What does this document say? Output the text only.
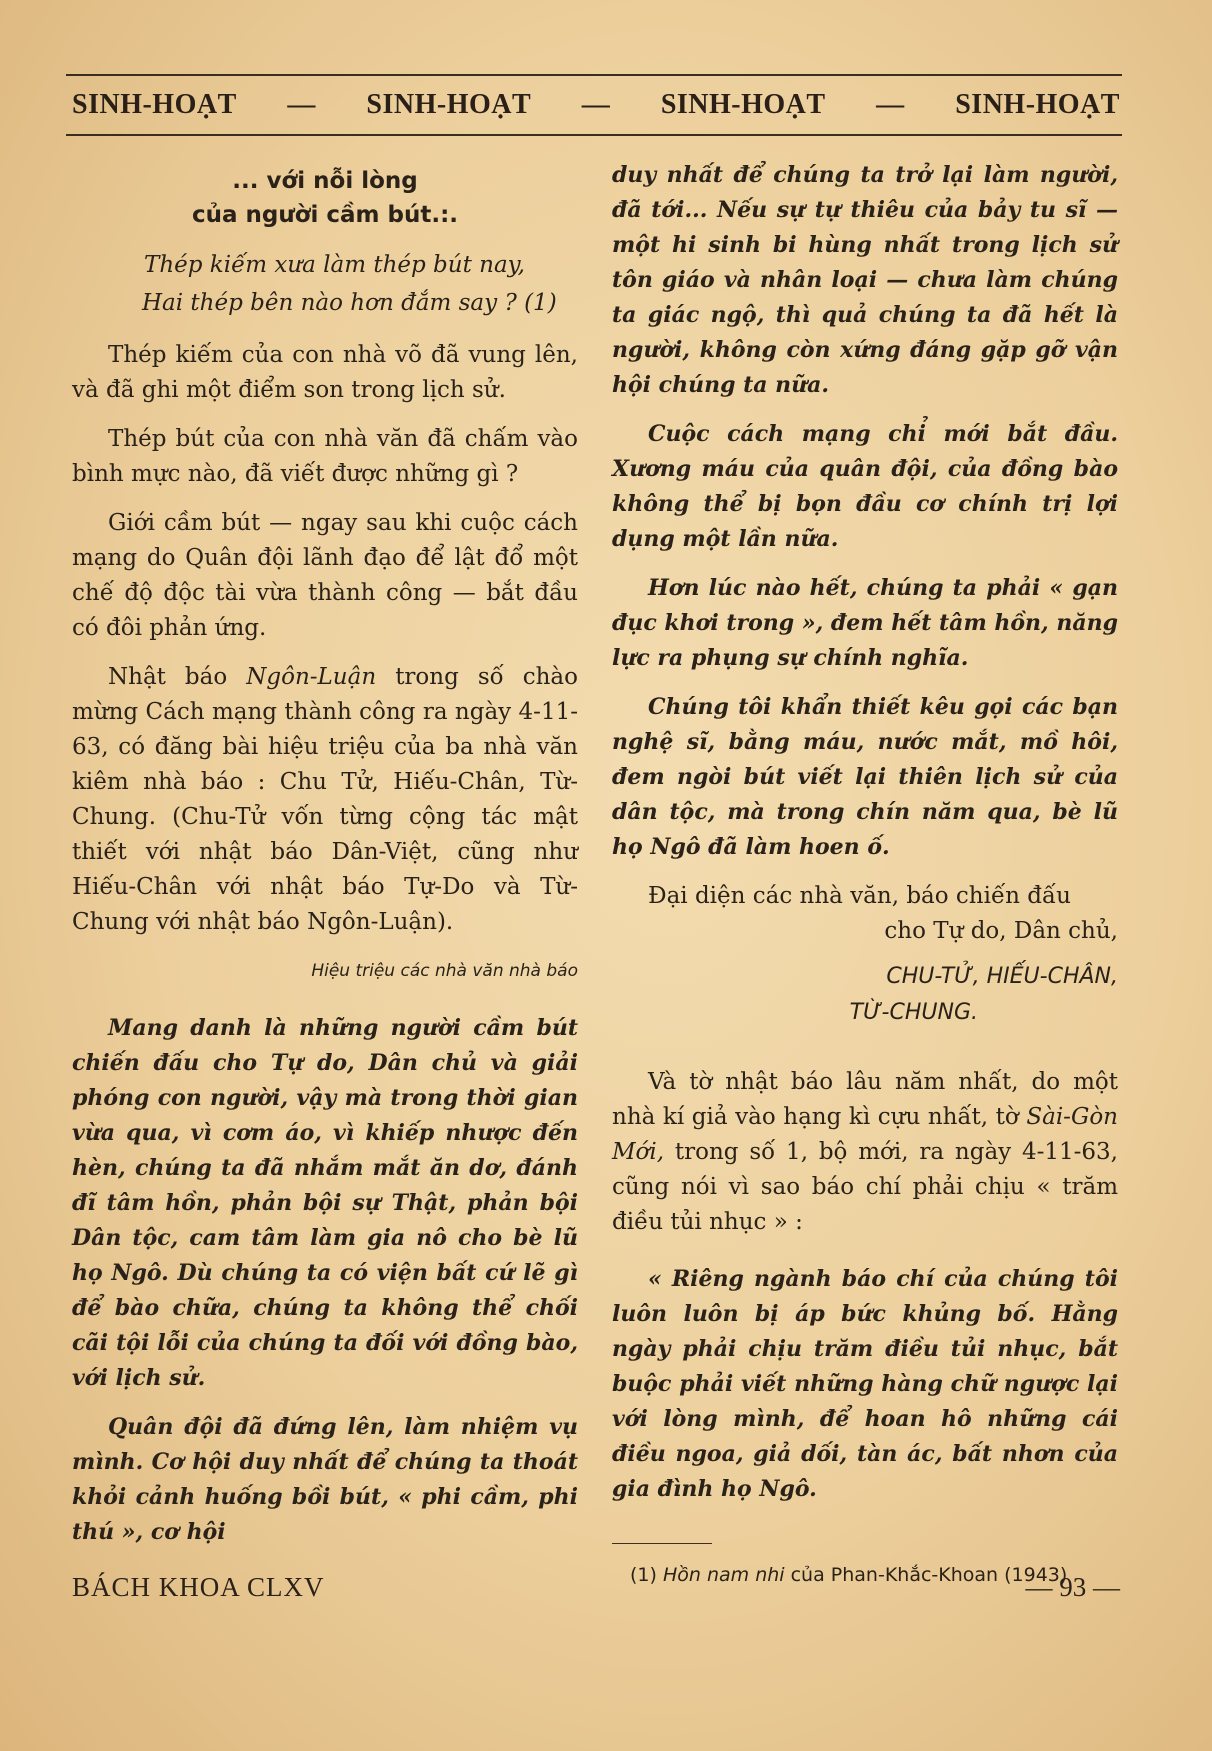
SINH-HOẠT — SINH-HOẠT — SINH-HOẠT — SINH-HOẠT
... với nỗi lòng
của người cầm bút.:.
Thép kiếm xưa làm thép bút nay,
Hai thép bên nào hơn đắm say ? (1)

Thép kiếm của con nhà võ đã vung lên, và đã ghi một điểm son trong lịch sử.

Thép bút của con nhà văn đã chấm vào bình mực nào, đã viết được những gì ?

Giới cầm bút — ngay sau khi cuộc cách mạng do Quân đội lãnh đạo để lật đổ một chế độ độc tài vừa thành công — bắt đầu có đôi phản ứng.

Nhật báo Ngôn-Luận trong số chào mừng Cách mạng thành công ra ngày 4-11-63, có đăng bài hiệu triệu của ba nhà văn kiêm nhà báo : Chu Tử, Hiếu-Chân, Từ-Chung. (Chu-Tử vốn từng cộng tác mật thiết với nhật báo Dân-Việt, cũng như Hiếu-Chân với nhật báo Tự-Do và Từ-Chung với nhật báo Ngôn-Luận).

Hiệu triệu các nhà văn nhà báo

Mang danh là những người cầm bút chiến đấu cho Tự do, Dân chủ và giải phóng con người, vậy mà trong thời gian vừa qua, vì cơm áo, vì khiếp nhược đến hèn, chúng ta đã nhắm mắt ăn dơ, đánh đĩ tâm hồn, phản bội sự Thật, phản bội Dân tộc, cam tâm làm gia nô cho bè lũ họ Ngô. Dù chúng ta có viện bất cứ lẽ gì để bào chữa, chúng ta không thể chối cãi tội lỗi của chúng ta đối với đồng bào, với lịch sử.

Quân đội đã đứng lên, làm nhiệm vụ mình. Cơ hội duy nhất để chúng ta thoát khỏi cảnh huống bồi bút, « phi cầm, phi thú », cơ hội

duy nhất để chúng ta trở lại làm người, đã tới... Nếu sự tự thiêu của bảy tu sĩ — một hi sinh bi hùng nhất trong lịch sử tôn giáo và nhân loại — chưa làm chúng ta giác ngộ, thì quả chúng ta đã hết là người, không còn xứng đáng gặp gỡ vận hội chúng ta nữa.

Cuộc cách mạng chỉ mới bắt đầu. Xương máu của quân đội, của đồng bào không thể bị bọn đầu cơ chính trị lợi dụng một lần nữa.

Hơn lúc nào hết, chúng ta phải « gạn đục khơi trong », đem hết tâm hồn, năng lực ra phụng sự chính nghĩa.

Chúng tôi khẩn thiết kêu gọi các bạn nghệ sĩ, bằng máu, nước mắt, mồ hôi, đem ngòi bút viết lại thiên lịch sử của dân tộc, mà trong chín năm qua, bè lũ họ Ngô đã làm hoen ố.

Đại diện các nhà văn, báo chiến đấu
cho Tự do, Dân chủ,
CHU-TỬ, HIẾU-CHÂN,
TỪ-CHUNG.

Và tờ nhật báo lâu năm nhất, do một nhà kí giả vào hạng kì cựu nhất, tờ Sài-Gòn Mới, trong số 1, bộ mới, ra ngày 4-11-63, cũng nói vì sao báo chí phải chịu « trăm điều tủi nhục » :

« Riêng ngành báo chí của chúng tôi luôn luôn bị áp bức khủng bố. Hằng ngày phải chịu trăm điều tủi nhục, bắt buộc phải viết những hàng chữ ngược lại với lòng mình, để hoan hô những cái điều ngoa, giả dối, tàn ác, bất nhơn của gia đình họ Ngô.

(1) Hồn nam nhi của Phan-Khắc-Khoan (1943)

BÁCH KHOA CLXV	— 93 —
